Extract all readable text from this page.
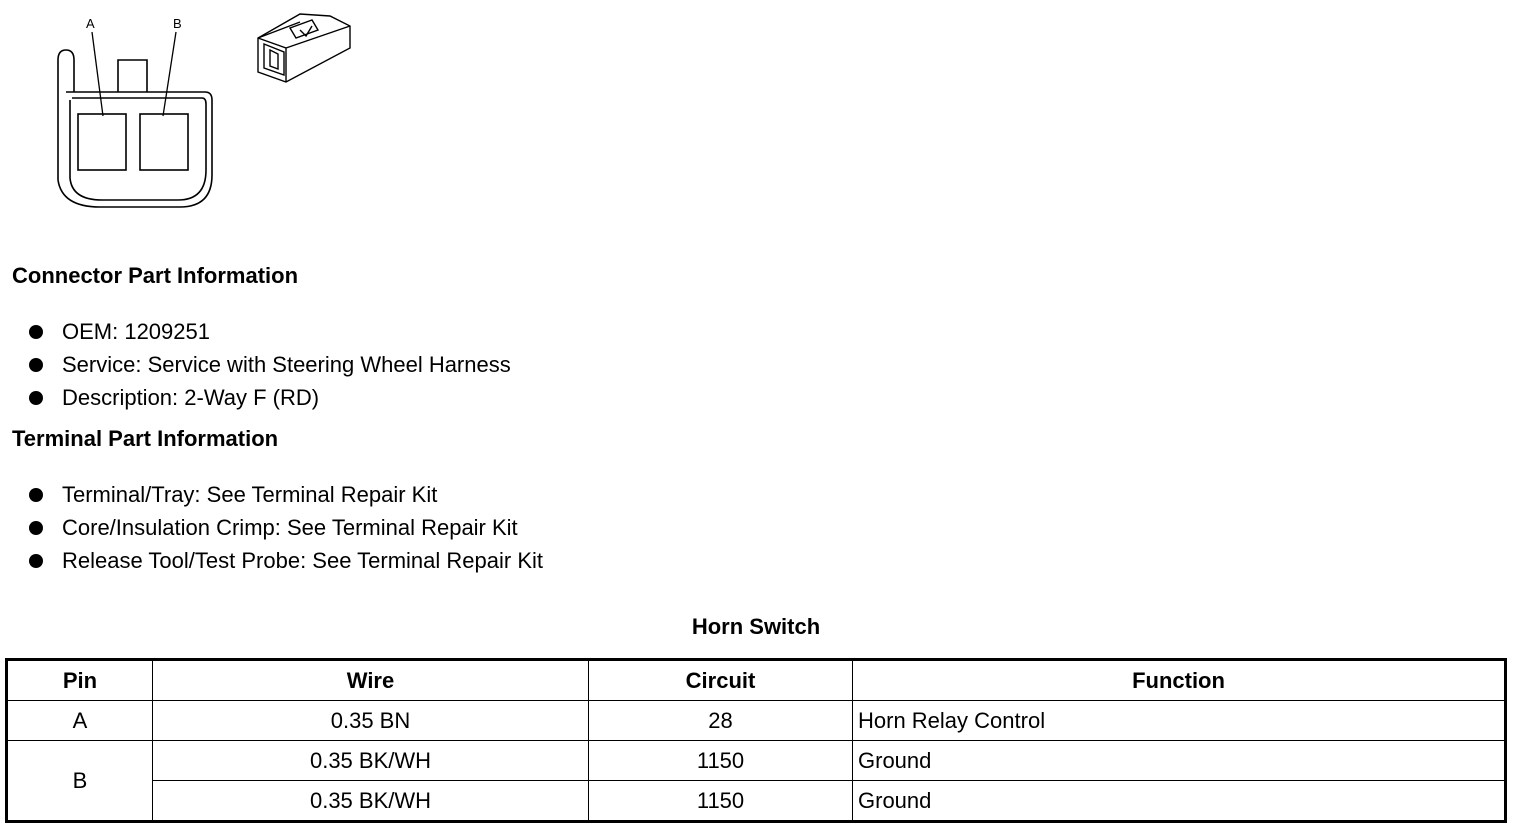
A	B
Connector Part Information
OEM: 1209251
Service: Service with Steering Wheel Harness
Description: 2-Way F (RD)
Terminal Part Information
Terminal/Tray: See Terminal Repair Kit
Core/Insulation Crimp: See Terminal Repair Kit
Release Tool/Test Probe: See Terminal Repair Kit
Horn Switch
Pin	Wire	Circuit	Function
A	0.35 BN	28	Horn Relay Control
B	0.35 BK/WH	1150	Ground
	0.35 BK/WH	1150	Ground
